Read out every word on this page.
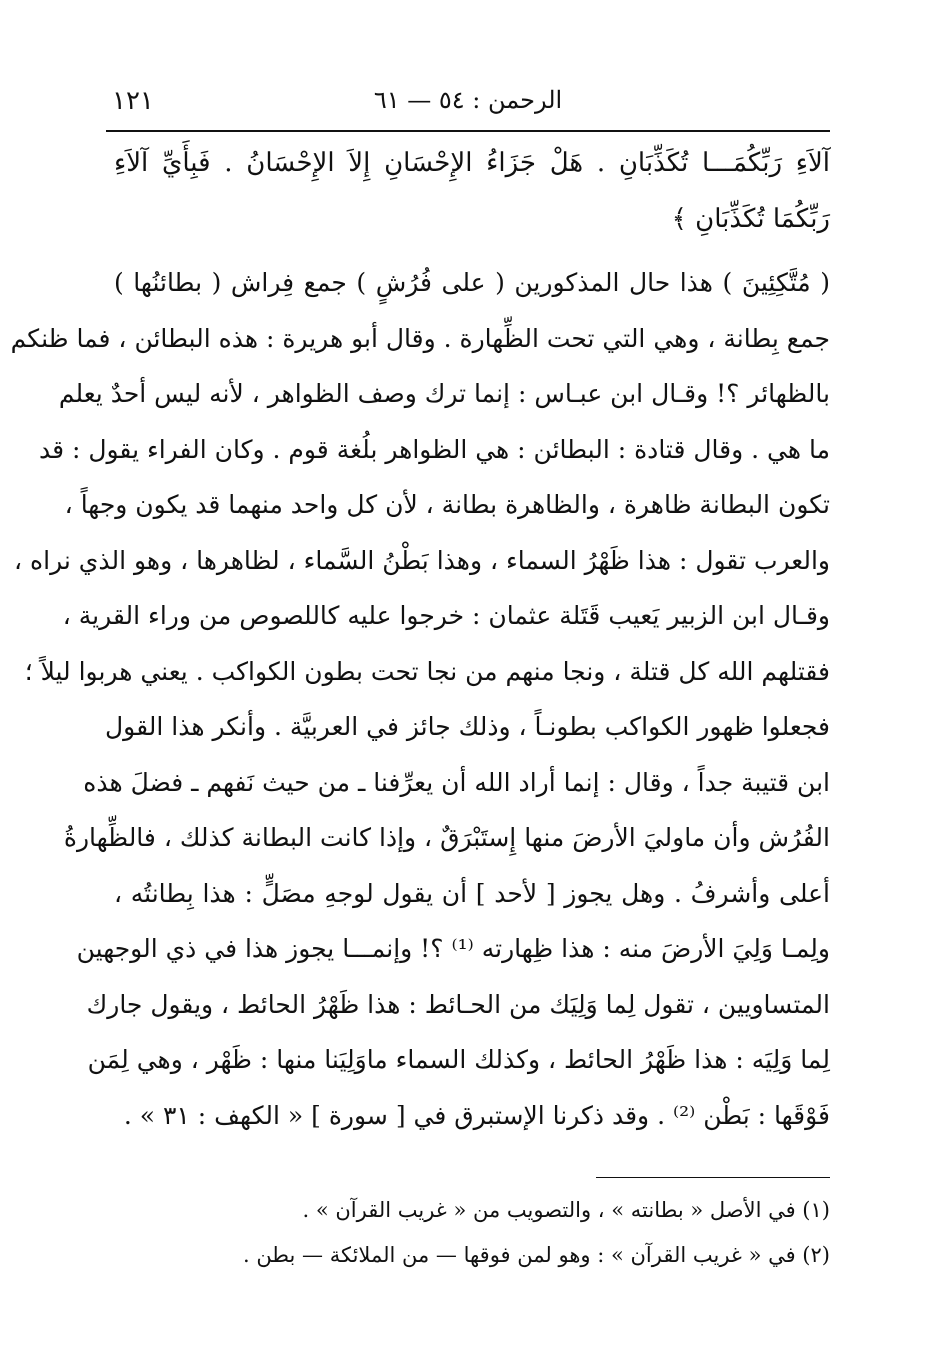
١٢١	الرحمن : ٥٤ — ٦١
آلاَءِ رَبِّكُمَـــا تُكَذِّبَانِ . هَلْ جَزَاءُ الإِحْسَانِ إِلاَ الإِحْسَانُ . فَبِأَيِّ آلاَءِ
رَبِّكُمَا تُكَذِّبَانِ ﴾
( مُتَّكِئِينَ ) هذا حال المذكورين ( على فُرُشٍ ) جمع فِراش ( بطائنُها )
جمع بِطانة ، وهي التي تحت الظِّهارة . وقال أبو هريرة : هذه البطائن ، فما ظنكم
بالظهائر ؟! وقـال ابن عبـاس : إنما ترك وصف الظواهر ، لأنه ليس أحدٌ يعلم
ما هي . وقال قتادة : البطائن : هي الظواهر بلُغة قوم . وكان الفراء يقول : قد
تكون البطانة ظاهرة ، والظاهرة بطانة ، لأن كل واحد منهما قد يكون وجهاً ،
والعرب تقول : هذا ظَهْرُ السماء ، وهذا بَطْنُ السَّماء ، لظاهرها ، وهو الذي نراه ،
وقـال ابن الزبير يَعيب قَتَلة عثمان : خرجوا عليه كاللصوص من وراء القرية ،
فقتلهم الله كل قتلة ، ونجا منهم من نجا تحت بطون الكواكب . يعني هربوا ليلاً ؛
فجعلوا ظهور الكواكب بطونـاً ، وذلك جائز في العربيَّة . وأنكر هذا القول
ابن قتيبة جداً ، وقال : إنما أراد الله أن يعرِّفنا ـ من حيث نَفهم ـ فضلَ هذه
الفُرُش وأن ماوليَ الأرضَ منها إِستَبْرَقٌ ، وإذا كانت البطانة كذلك ، فالظِّهارةُ
أعلى وأشرفُ . وهل يجوز [ لأحد ] أن يقول لوجهِ مصَلٍّ : هذا بِطانتُه ،
ولِمـا وَلِيَ الأرضَ منه : هذا ظِهارته ⁽¹⁾ ؟! وإنمـــا يجوز هذا في ذي الوجهين
المتساويين ، تقول لِما وَلِيَك من الحـائط : هذا ظَهْرُ الحائط ، ويقول جارك
لِما وَلِيَه : هذا ظَهْرُ الحائط ، وكذلك السماء ماوَلِيَنا منها : ظَهْر ، وهي لِمَن
فَوْقَها : بَطْن ⁽²⁾ . وقد ذكرنا الإستبرق في [ سورة ] « الكهف : ٣١ » .
(١) في الأصل « بطانته » ، والتصويب من « غريب القرآن » .
(٢) في « غريب القرآن » : وهو لمن فوقها — من الملائكة — بطن .
